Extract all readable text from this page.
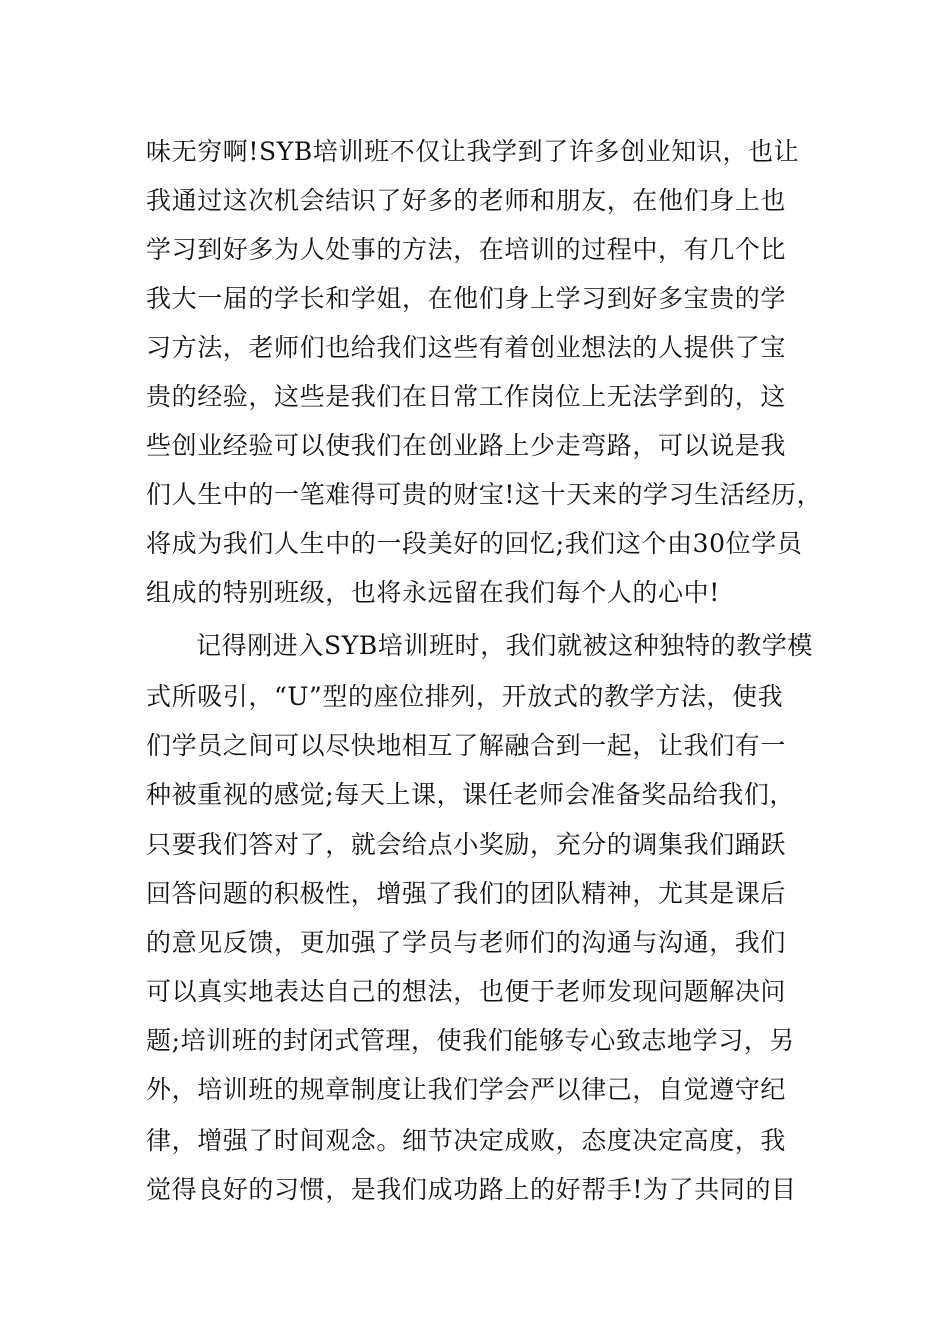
味无穷啊!SYB培训班不仅让我学到了许多创业知识，也让
我通过这次机会结识了好多的老师和朋友，在他们身上也
学习到好多为人处事的方法，在培训的过程中，有几个比
我大一届的学长和学姐，在他们身上学习到好多宝贵的学
习方法，老师们也给我们这些有着创业想法的人提供了宝
贵的经验，这些是我们在日常工作岗位上无法学到的，这
些创业经验可以使我们在创业路上少走弯路，可以说是我
们人生中的一笔难得可贵的财宝!这十天来的学习生活经历，
将成为我们人生中的一段美好的回忆;我们这个由30位学员
组成的特别班级，也将永远留在我们每个人的心中!
记得刚进入SYB培训班时，我们就被这种独特的教学模
式所吸引，“U”型的座位排列，开放式的教学方法，使我
们学员之间可以尽快地相互了解融合到一起，让我们有一
种被重视的感觉;每天上课，课任老师会准备奖品给我们，
只要我们答对了，就会给点小奖励，充分的调集我们踊跃
回答问题的积极性，增强了我们的团队精神，尤其是课后
的意见反馈，更加强了学员与老师们的沟通与沟通，我们
可以真实地表达自己的想法，也便于老师发现问题解决问
题;培训班的封闭式管理，使我们能够专心致志地学习，另
外，培训班的规章制度让我们学会严以律己，自觉遵守纪
律，增强了时间观念。细节决定成败，态度决定高度，我
觉得良好的习惯，是我们成功路上的好帮手!为了共同的目
